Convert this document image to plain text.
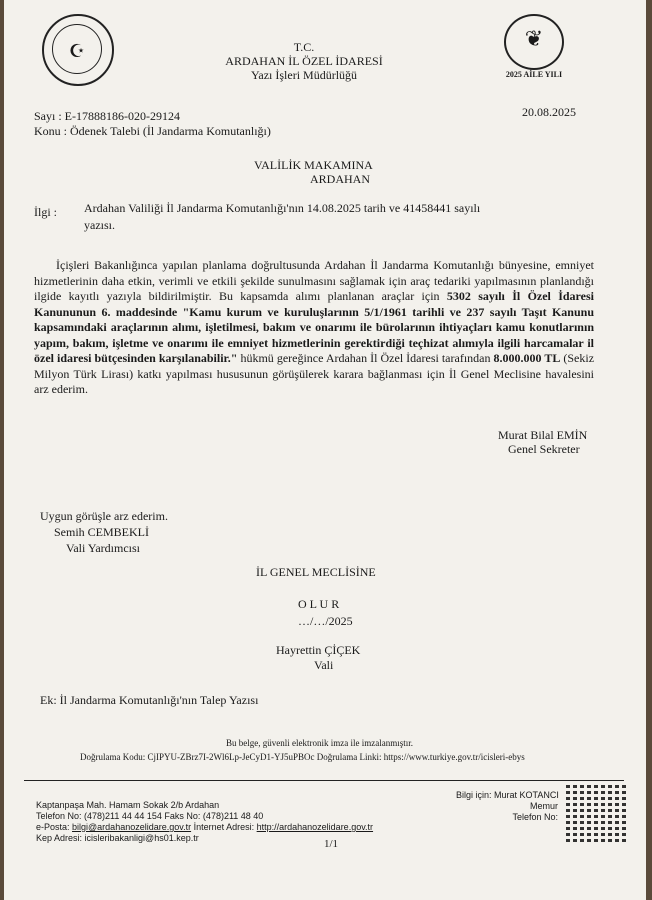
☪	❦
2025 AİLE YILI
T.C.
ARDAHAN İL ÖZEL İDARESİ
Yazı İşleri Müdürlüğü
Sayı : E-17888186-020-29124	20.08.2025
Konu : Ödenek Talebi (İl Jandarma Komutanlığı)
VALİLİK MAKAMINA
ARDAHAN
İlgi : Ardahan Valiliği İl Jandarma Komutanlığı'nın 14.08.2025 tarih ve 41458441 sayılı
yazısı.
İçişleri Bakanlığınca yapılan planlama doğrultusunda Ardahan İl Jandarma Komutanlığı bünyesine, emniyet hizmetlerinin daha etkin, verimli ve etkili şekilde sunulmasını sağlamak için araç tedariki yapılmasının planlandığı ilgide kayıtlı yazıyla bildirilmiştir. Bu kapsamda alımı planlanan araçlar için 5302 sayılı İl Özel İdaresi Kanununun 6. maddesinde "Kamu kurum ve kuruluşlarının 5/1/1961 tarihli ve 237 sayılı Taşıt Kanunu kapsamındaki araçlarının alımı, işletilmesi, bakım ve onarımı ile bürolarının ihtiyaçları kamu konutlarının yapım, bakım, işletme ve onarımı ile emniyet hizmetlerinin gerektirdiği teçhizat alımıyla ilgili harcamalar il özel idaresi bütçesinden karşılanabilir." hükmü gereğince Ardahan İl Özel İdaresi tarafından 8.000.000 TL (Sekiz Milyon Türk Lirası) katkı yapılması hususunun görüşülerek karara bağlanması için İl Genel Meclisine havalesini arz ederim.
Murat Bilal EMİN
Genel Sekreter
Uygun görüşle arz ederim.
Semih CEMBEKLİ
Vali Yardımcısı
İL GENEL MECLİSİNE
O L U R
…/…/2025
Hayrettin ÇİÇEK
Vali
Ek: İl Jandarma Komutanlığı'nın Talep Yazısı
Bu belge, güvenli elektronik imza ile imzalanmıştır.
Doğrulama Kodu: CjIPYU-ZBrz7I-2Wl6Lp-JeCyD1-YJ5uPBOc Doğrulama Linki: https://www.turkiye.gov.tr/icisleri-ebys
Kaptanpaşa Mah. Hamam Sokak 2/b Ardahan
Telefon No: (478)211 44 44 154 Faks No: (478)211 48 40
e-Posta: bilgi@ardahanozelidare.gov.tr İnternet Adresi: http://ardahanozelidare.gov.tr
Kep Adresi: icisleribakanligi@hs01.kep.tr	1/1
Bilgi için: Murat KOTANCI
Memur
Telefon No:
